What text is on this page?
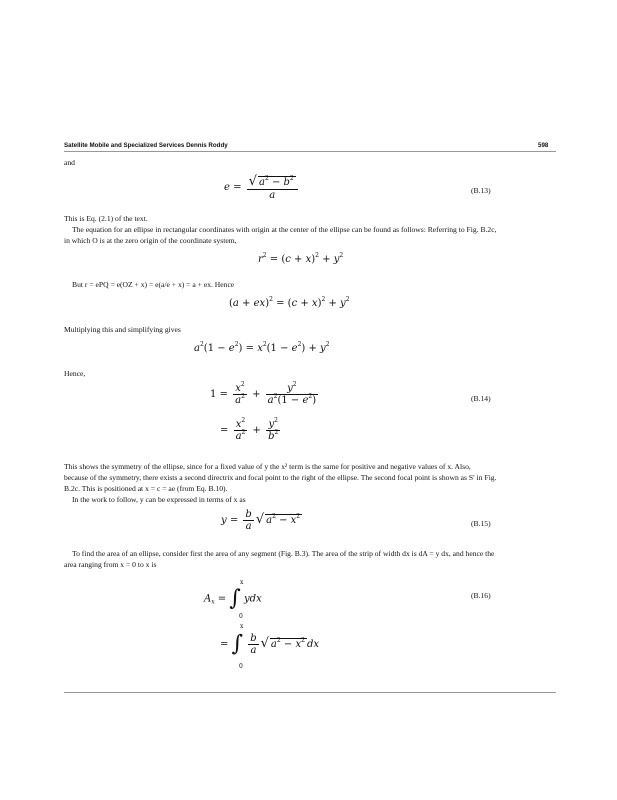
Satellite Mobile and Specialized Services Dennis Roddy	598
and
$e = \frac{√ a^2 - b^2}{a}$	(B.13)
This is Eq. (2.1) of the text.
The equation for an ellipse in rectangular coordinates with origin at the center of the ellipse can be found as follows: Referring to Fig. B.2c,
in which O is at the zero origin of the coordinate system,
$r^2 = (c + x)^2 + y^2$
But r = ePQ = e(OZ + x) = e(a/e + x) = a + ex. Hence
$(a + ex)^2 = (c + x)^2 + y^2$
Multiplying this and simplifying gives
$a^2(1 - e^2) = x^2(1 - e^2) + y^2$
Hence,
$1 = \frac{x^2}{a^2} + \frac{y^2}{a^2(1 - e^2)}$	(B.14)
= $\frac{x^2}{a^2} + \frac{y^2}{b^2}$
This shows the symmetry of the ellipse, since for a fixed value of y the x² term is the same for positive and negative values of x. Also,
because of the symmetry, there exists a second directrix and focal point to the right of the ellipse. The second focal point is shown as S′ in Fig.
B.2c. This is positioned at x = c = ae (from Eq. B.10).
In the work to follow, y can be expressed in terms of x as
$y = \frac{b}{a}$ √ $a^2 - x^2$
(B.15)
To find the area of an ellipse, consider first the area of any segment (Fig. B.3). The area of the strip of width dx is dA = y dx, and hence the
area ranging from x = 0 to x is
x
$A_x$ = ∫ ydx
0
(B.16)
x
= ∫ $\frac{b}{a}$ √ $a^2 - x^2$ dx
0
